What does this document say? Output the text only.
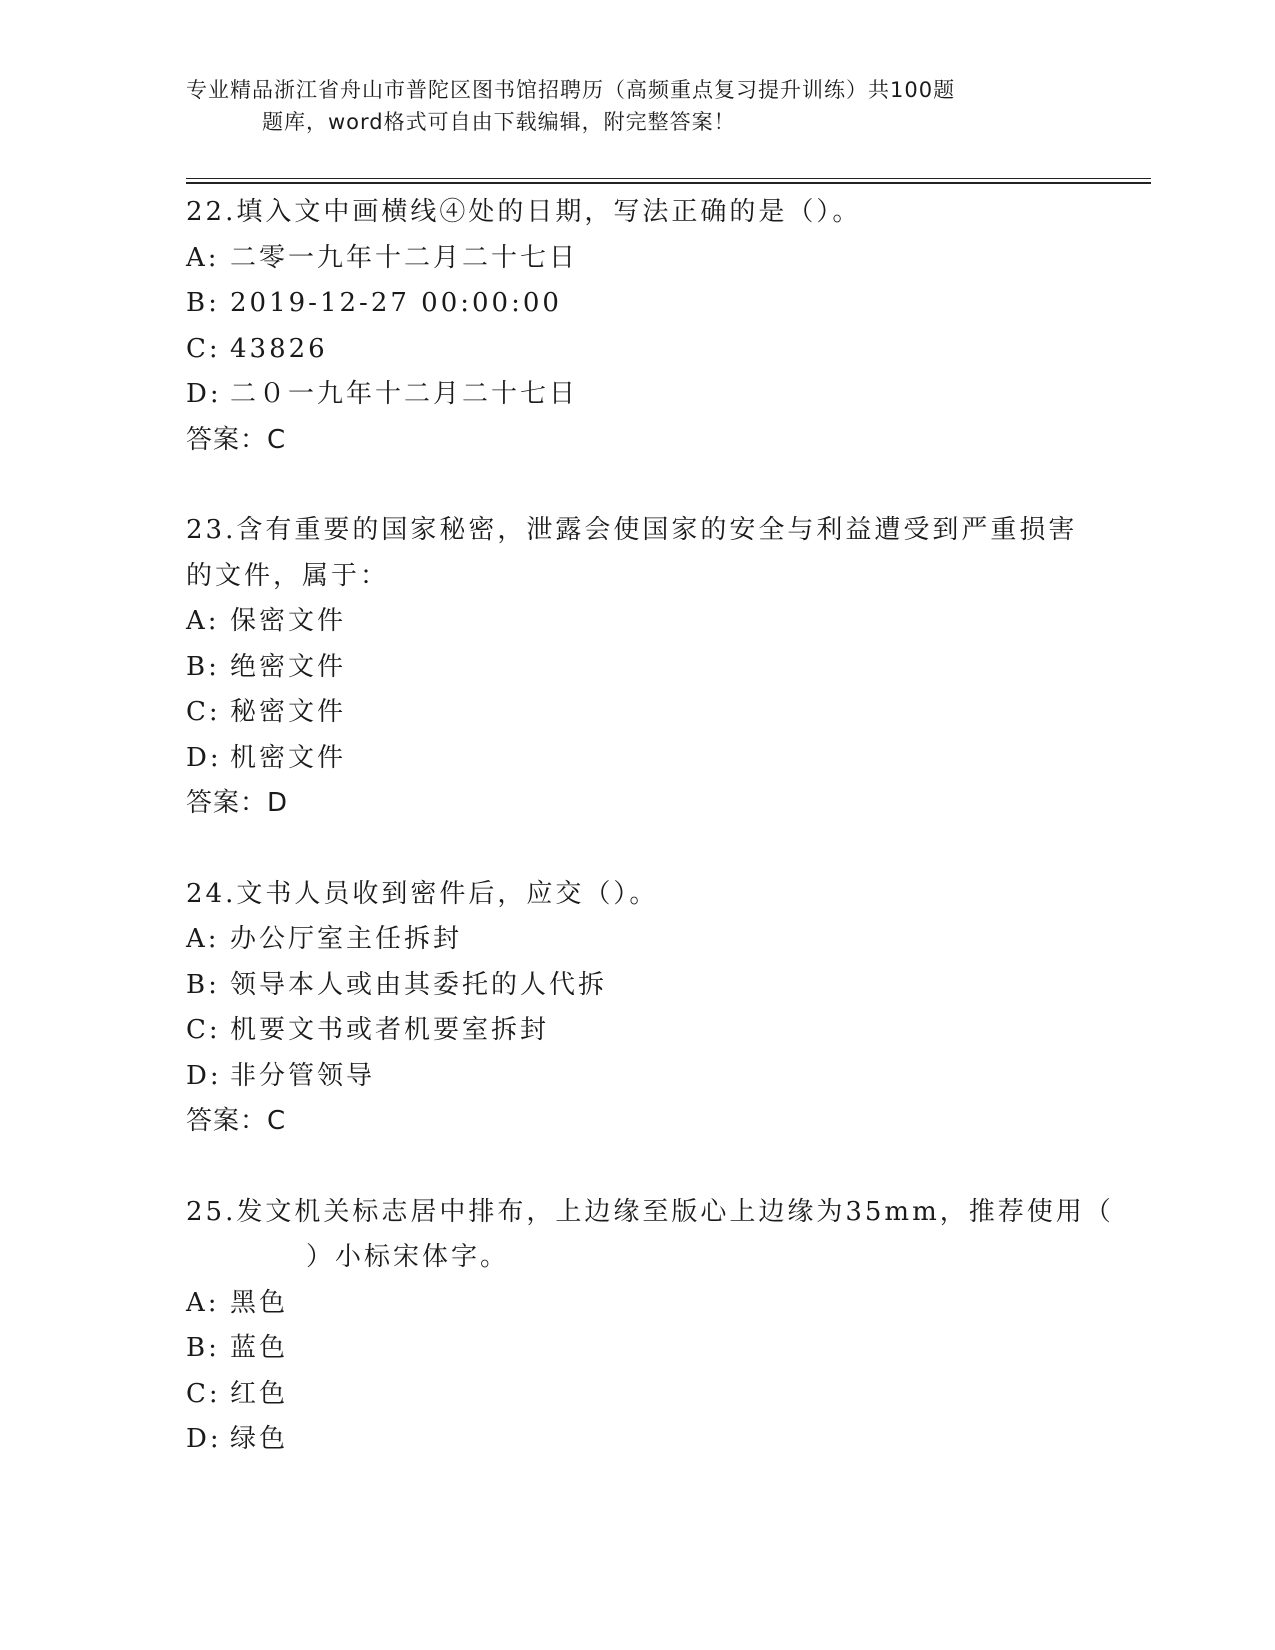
专业精品浙江省舟山市普陀区图书馆招聘历（高频重点复习提升训练）共100题
题库，word格式可自由下载编辑，附完整答案！
22.填入文中画横线④处的日期，写法正确的是（）。
A: 二零一九年十二月二十七日
B: 2019-12-27 00:00:00
C: 43826
D: 二０一九年十二月二十七日
答案：C
23.含有重要的国家秘密，泄露会使国家的安全与利益遭受到严重损害
的文件，属于：
A: 保密文件
B: 绝密文件
C: 秘密文件
D: 机密文件
答案：D
24.文书人员收到密件后，应交（）。
A: 办公厅室主任拆封
B: 领导本人或由其委托的人代拆
C: 机要文书或者机要室拆封
D: 非分管领导
答案：C
25.发文机关标志居中排布，上边缘至版心上边缘为35mm，推荐使用（
）小标宋体字。
A: 黑色
B: 蓝色
C: 红色
D: 绿色
